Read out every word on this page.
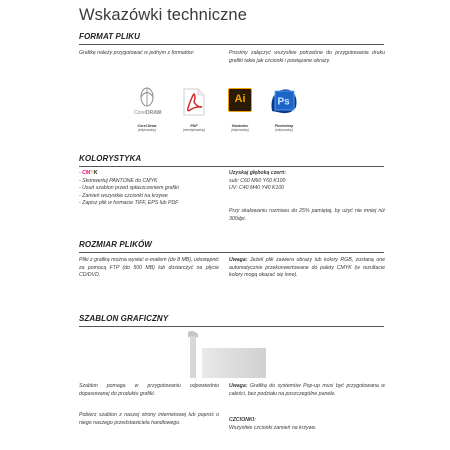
Wskazówki techniczne
FORMAT PLIKU
Grafikę należy przygotować w jednym z formatów:	Prosimy załączyć wszystkie potrzebne do przygotowania druku grafiki takie jak czcionki i powiązane obrazy.
Corel DRAW
X7
Ai	Ps
Corel Draw
(edytowalny)
PDF
(nieedytowalny)
Illustrator
(edytowalny)
Photoshop
(edytowalny)
KOLORYSTYKA
- CMYK
- Skonwertuj PANTONE do CMYK
- Usuń szablon przed spłaszczeniem grafiki
- Zamień wszystkie czcionki na krzywe
- Zapisz plik w formacie TIFF, EPS lub PDF
Uzyskaj głęboką czerń:
sub: C60 M60 Y60 K100
UV: C40 M40 Y40 K100
Przy skalowaniu rozmiaru do 25% pamiętaj, by użyć nie mniej niż 300dpi.
ROZMIAR PLIKÓW
Pliki z grafiką można wysłać e-mailem (do 8 MB), udostępnić za pomocą FTP (do 500 MB) lub dostarczyć na płycie CD/DVD.
Uwaga: Jeżeli plik zawiera obrazy lub kolory RGB, zostaną one automatycznie przekonwertowane do palety CMYK (w rezultacie kolory mogą okazać się inne).
SZABLON GRAFICZNY
Szablon pomaga w przygotowaniu odpowiednio dopasowanej do produktu grafiki.
Pobierz szablon z naszej strony internetowej lub poproś o niego naszego przedstawiciela handlowego.
Uwaga: Grafiką do systemów Pop-up musi być przygotowana w całości, bez podziału na poszczególne panele.
CZCIONKI:
Wszystkie czcionki zamień na krzywe.
